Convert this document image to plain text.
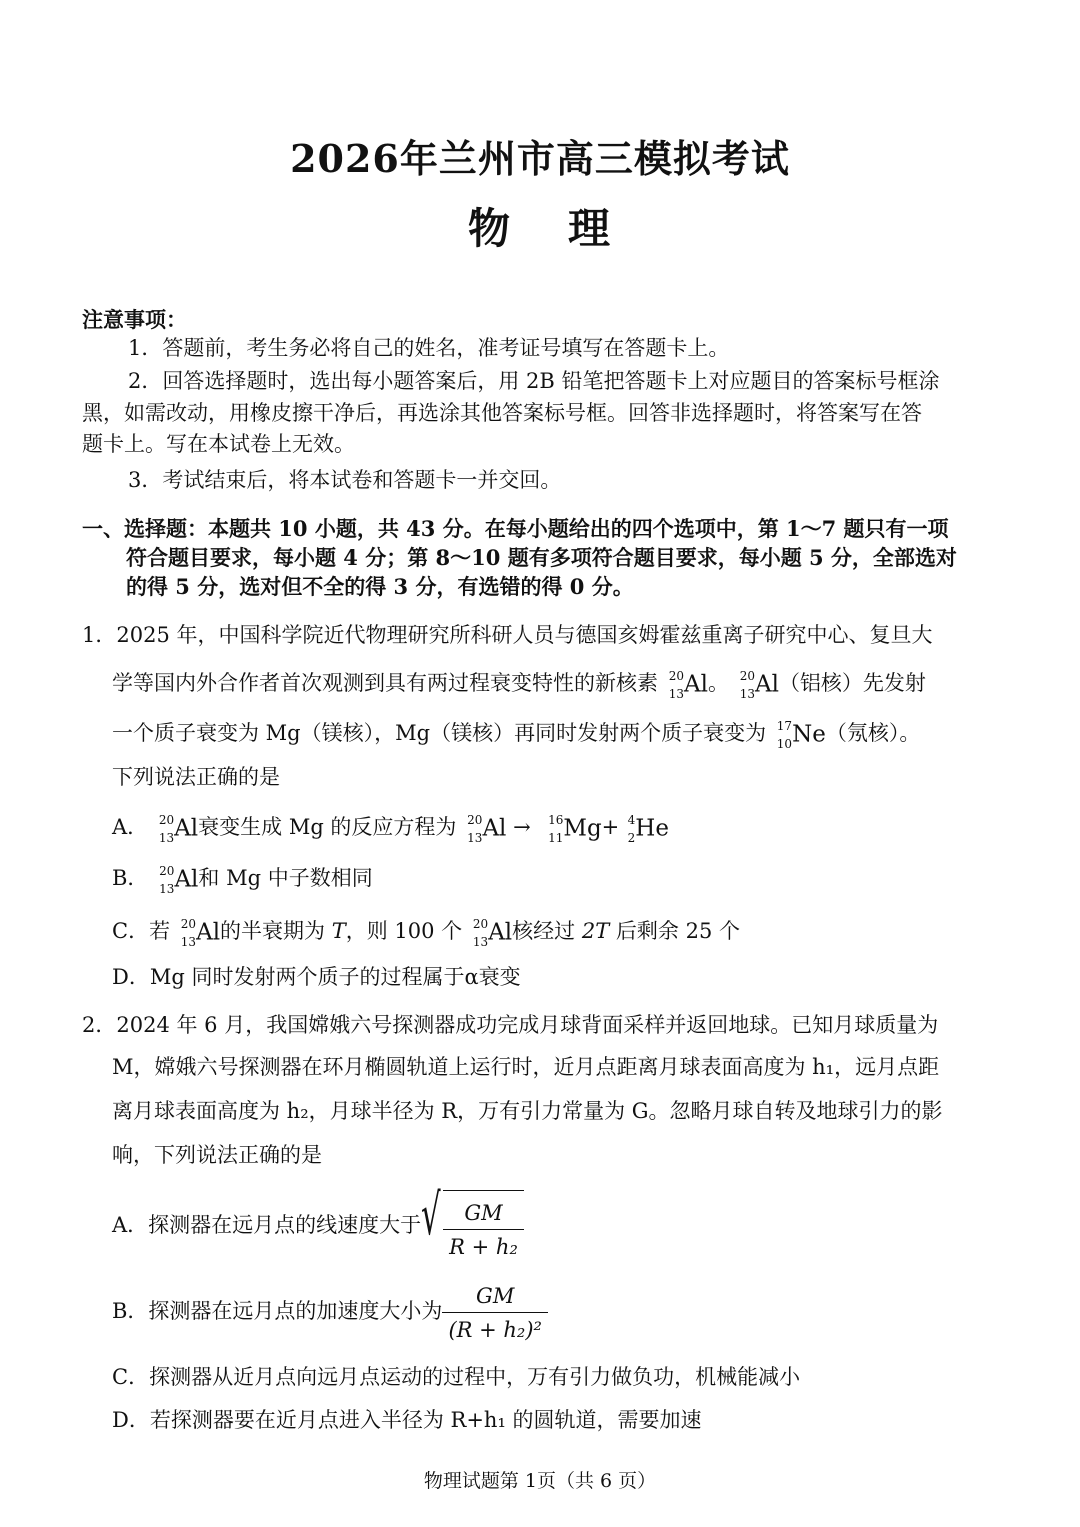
2026年兰州市高三模拟考试
物 理
注意事项：
1．答题前，考生务必将自己的姓名，准考证号填写在答题卡上。
2．回答选择题时，选出每小题答案后，用 2B 铅笔把答题卡上对应题目的答案标号框涂
黑，如需改动，用橡皮擦干净后，再选涂其他答案标号框。回答非选择题时，将答案写在答
题卡上。写在本试卷上无效。
3．考试结束后，将本试卷和答题卡一并交回。
一、选择题：本题共 10 小题，共 43 分。在每小题给出的四个选项中，第 1～7 题只有一项
符合题目要求，每小题 4 分；第 8～10 题有多项符合题目要求，每小题 5 分，全部选对
的得 5 分，选对但不全的得 3 分，有选错的得 0 分。
1．2025 年，中国科学院近代物理研究所科研人员与德国亥姆霍兹重离子研究中心、复旦大
学等国内外合作者首次观测到具有两过程衰变特性的新核素 20
13 Al。 20
13 Al（铝核）先发射
一个质子衰变为 Mg（镁核），Mg（镁核）再同时发射两个质子衰变为 17
10 Ne（氖核）。
下列说法正确的是
A． 20
13 Al衰变生成 Mg 的反应方程为 20
13 Al → 16
11 Mg+ 4
2 He
B． 20
13 Al和 Mg 中子数相同
C．若 20
13 Al的半衰期为 T，则 100 个 20
13 Al核经过 2T 后剩余 25 个
D．Mg 同时发射两个质子的过程属于α衰变
2．2024 年 6 月，我国嫦娥六号探测器成功完成月球背面采样并返回地球。已知月球质量为
M，嫦娥六号探测器在环月椭圆轨道上运行时，近月点距离月球表面高度为 h₁，远月点距
离月球表面高度为 h₂，月球半径为 R，万有引力常量为 G。忽略月球自转及地球引力的影
响，下列说法正确的是
A．探测器在远月点的线速度大于 √ $\frac{GM}{\text{R + h₂}}$
B．探测器在远月点的加速度大小为 $\frac{GM}{\text{(R + h₂)²}}$
C．探测器从近月点向远月点运动的过程中，万有引力做负功，机械能减小
D．若探测器要在近月点进入半径为 R+h₁ 的圆轨道，需要加速
物理试题第 1页（共 6 页）
